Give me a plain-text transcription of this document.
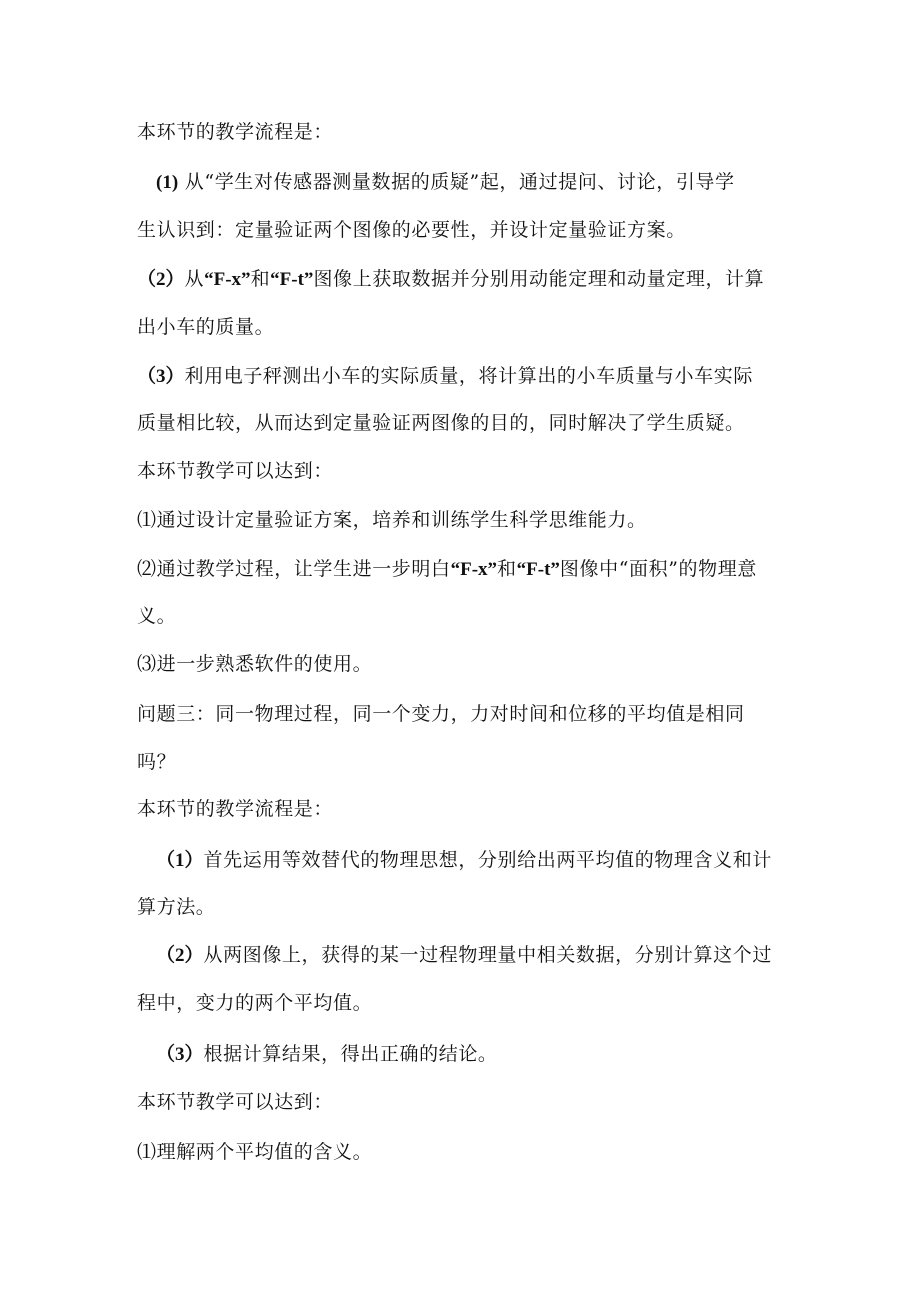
本环节的教学流程是：
(1) 从“学生对传感器测量数据的质疑”起，通过提问、讨论，引导学
生认识到：定量验证两个图像的必要性，并设计定量验证方案。
（2）从“F-x”和“F-t”图像上获取数据并分别用动能定理和动量定理，计算
出小车的质量。
（3）利用电子秤测出小车的实际质量，将计算出的小车质量与小车实际
质量相比较，从而达到定量验证两图像的目的，同时解决了学生质疑。
本环节教学可以达到：
⑴通过设计定量验证方案，培养和训练学生科学思维能力。
⑵通过教学过程，让学生进一步明白“F-x”和“F-t”图像中“面积”的物理意
义。
⑶进一步熟悉软件的使用。
问题三：同一物理过程，同一个变力，力对时间和位移的平均值是相同
吗？
本环节的教学流程是：
（1）首先运用等效替代的物理思想，分别给出两平均值的物理含义和计
算方法。
（2）从两图像上，获得的某一过程物理量中相关数据，分别计算这个过
程中，变力的两个平均值。
（3）根据计算结果，得出正确的结论。
本环节教学可以达到：
⑴理解两个平均值的含义。
